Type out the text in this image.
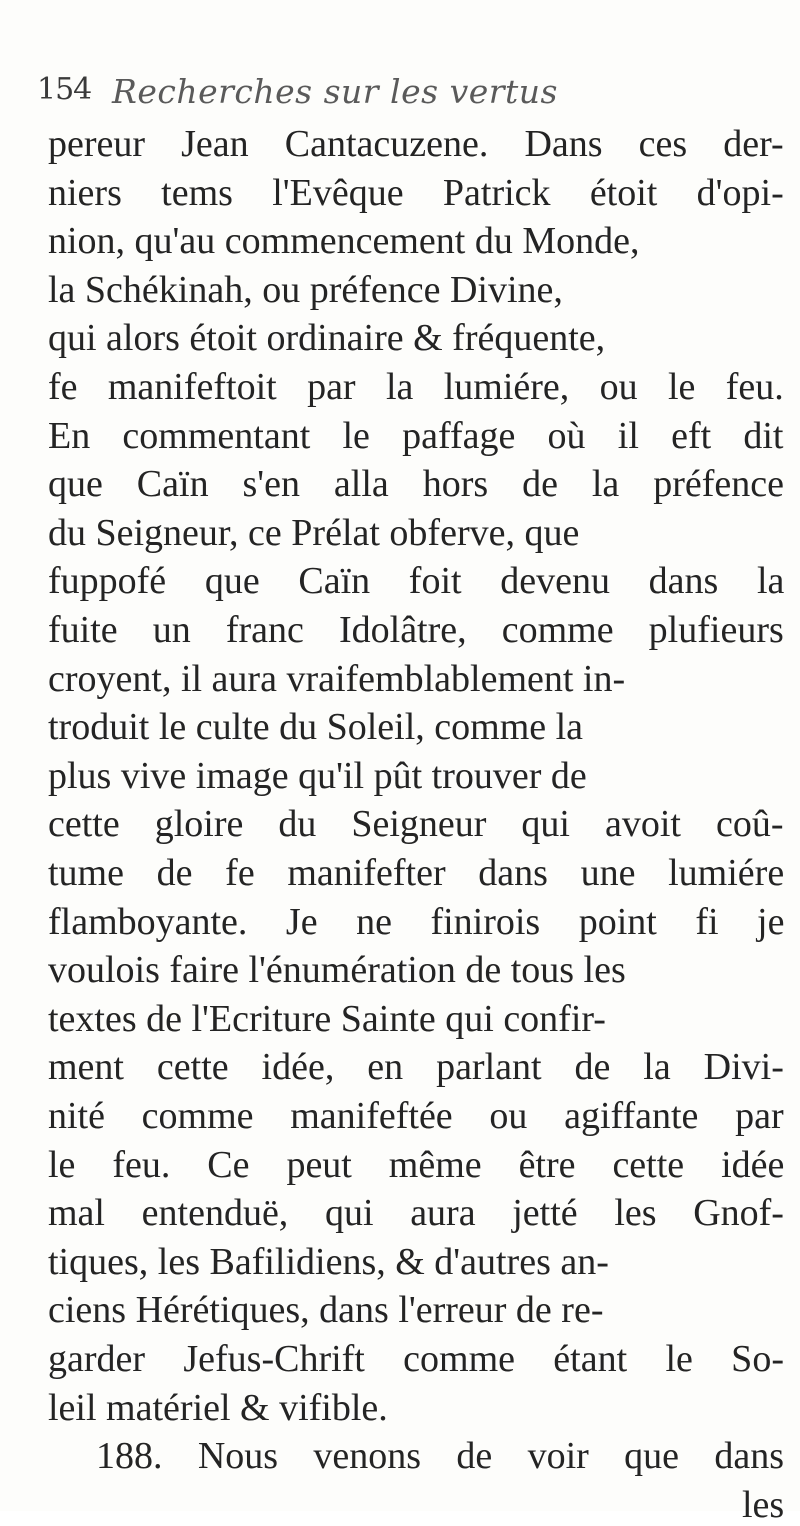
154 Recherches sur les vertus
pereur Jean Cantacuzene. Dans ces der-
niers tems l'Evêque Patrick étoit d'opi-
nion, qu'au commencement du Monde,
la Schékinah, ou préfence Divine,
qui alors étoit ordinaire & fréquente,
fe manifeftoit par la lumiére, ou le feu.
En commentant le paffage où il eft dit
que Caïn s'en alla hors de la préfence
du Seigneur, ce Prélat obferve, que
fuppofé que Caïn foit devenu dans la
fuite un franc Idolâtre, comme plufieurs
croyent, il aura vraifemblablement in-
troduit le culte du Soleil, comme la
plus vive image qu'il pût trouver de
cette gloire du Seigneur qui avoit coû-
tume de fe manifefter dans une lumiére
flamboyante. Je ne finirois point fi je
voulois faire l'énumération de tous les
textes de l'Ecriture Sainte qui confir-
ment cette idée, en parlant de la Divi-
nité comme manifeftée ou agiffante par
le feu. Ce peut même être cette idée
mal entenduë, qui aura jetté les Gnof-
tiques, les Bafilidiens, & d'autres an-
ciens Hérétiques, dans l'erreur de re-
garder Jefus-Chrift comme étant le So-
leil matériel & vifible.
188. Nous venons de voir que dans
les
